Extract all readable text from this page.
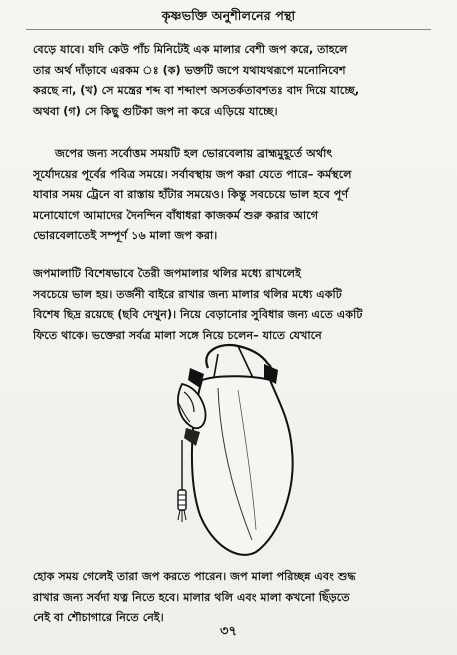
কৃষ্ণভক্তি অনুশীলনের পন্থা
বেড়ে যাবে। যদি কেউ পাঁচ মিনিটেই এক মালার বেশী জপ করে, তাহলে
তার অর্থ দাঁড়াবে এরকম ঃ (ক) ভক্তটি জপে যথাযথরূপে মনোনিবেশ
করছে না, (খ) সে মন্ত্রের শব্দ বা শব্দাংশ অসতর্কতাবশতঃ বাদ দিয়ে যাচ্ছে,
অথবা (গ) সে কিছু গুটিকা জপ না করে এড়িয়ে যাচ্ছে।
জপের জন্য সর্বোত্তম সময়টি হল ভোরবেলায় ব্রাহ্মমুহূর্তে অর্থাৎ
সূর্যোদয়ের পূর্বের পবিত্র সময়ে। সর্বাবস্থায় জপ করা যেতে পারে– কর্মস্থলে
যাবার সময় ট্রেনে বা রাস্তায় হাঁটার সময়েও। কিন্তু সবচেয়ে ভাল হবে পূর্ণ
মনোযোগে আমাদের দৈনন্দিন বাঁধাধরা কাজকর্ম শুরু করার আগে
ভোরবেলাতেই সম্পূর্ণ ১৬ মালা জপ করা।
জপমালাটি বিশেষভাবে তৈরী জপমালার থলির মধ্যে রাখলেই
সবচেয়ে ভাল হয়। তর্জনী বাইরে রাখার জন্য মালার থলির মধ্যে একটি
বিশেষ ছিদ্র রয়েছে (ছবি দেখুন)। নিয়ে বেড়ানোর সুবিধার জন্য এতে একটি
ফিতে থাকে। ভক্তেরা সর্বত্র মালা সঙ্গে নিয়ে চলেন– যাতে যেখানে
হোক সময় গেলেই তারা জপ করতে পারেন। জপ মালা পরিচ্ছন্ন এবং শুদ্ধ
রাখার জন্য সর্বদা যত্ন নিতে হবে। মালার থলি এবং মালা কখনো ছিঁড়তে
নেই বা শৌচাগারে নিতে নেই।
৩৭
